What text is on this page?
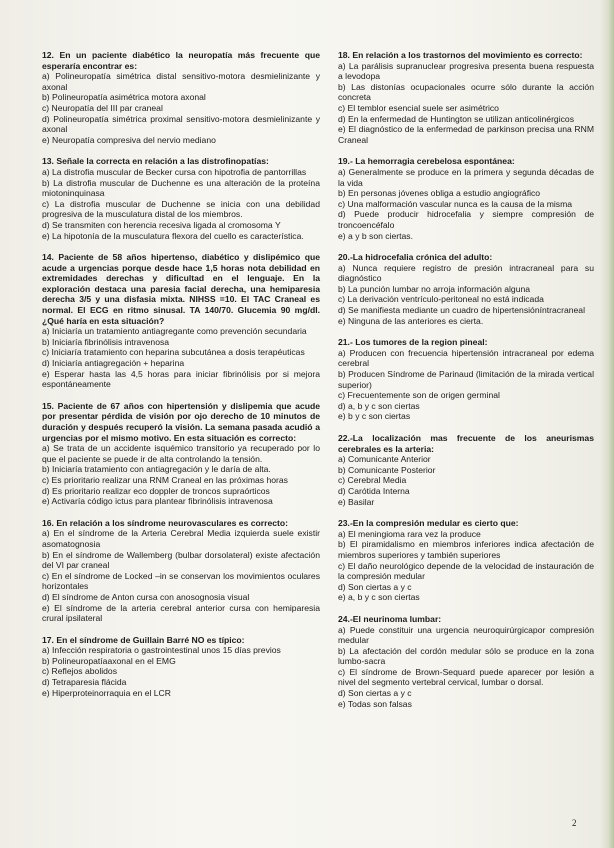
12. En un paciente diabético la neuropatía más frecuente que esperaría encontrar es:
a) Polineuropatía simétrica distal sensitivo-motora desmielinizante y axonal
b) Polineuropatía asimétrica motora axonal
c) Neuropatía del III par craneal
d) Polineuropatía simétrica proximal sensitivo-motora desmielinizante y axonal
e) Neuropatía compresiva del nervio mediano
13. Señale la correcta en relación a las distrofinopatías:
a) La distrofia muscular de Becker cursa con hipotrofia de pantorrillas
b) La distrofia muscular de Duchenne es una alteración de la proteína miotoninquinasa
c) La distrofia muscular de Duchenne se inicia con una debilidad progresiva de la musculatura distal de los miembros.
d) Se transmiten con herencia recesiva ligada al cromosoma Y
e) La hipotonía de la musculatura flexora del cuello es característica.
14. Paciente de 58 años hipertenso, diabético y dislipémico que acude a urgencias porque desde hace 1,5 horas nota debilidad en extremidades derechas y dificultad en el lenguaje. En la exploración destaca una paresia facial derecha, una hemiparesia derecha 3/5 y una disfasia mixta. NIHSS =10. El TAC Craneal es normal. El ECG en ritmo sinusal. TA 140/70. Glucemia 90 mg/dl. ¿Qué haría en esta situación?
a) Iniciaría un tratamiento antiagregante como prevención secundaria
b) Iniciaría fibrinólisis intravenosa
c) Iniciaría tratamiento con heparina subcutánea a dosis terapéuticas
d) Iniciaría antiagregación + heparina
e) Esperar hasta las 4,5 horas para iniciar fibrinólisis por si mejora espontáneamente
15. Paciente de 67 años con hipertensión y dislipemia que acude por presentar pérdida de visión por ojo derecho de 10 minutos de duración y después recuperó la visión. La semana pasada acudió a urgencias por el mismo motivo. En esta situación es correcto:
a) Se trata de un accidente isquémico transitorio ya recuperado por lo que el paciente se puede ir de alta controlando la tensión.
b) Iniciaría tratamiento con antiagregación y le daría de alta.
c) Es prioritario realizar una RNM Craneal en las próximas horas
d) Es prioritario realizar eco doppler de troncos supraórticos
e) Activaría código ictus para plantear fibrinólisis intravenosa
16. En relación a los síndrome neurovasculares es correcto:
a) En el síndrome de la Arteria Cerebral Media izquierda suele existir asomatognosia
b) En el síndrome de Wallemberg (bulbar dorsolateral) existe afectación del VI par craneal
c) En el síndrome de Locked –in se conservan los movimientos oculares horizontales
d) El síndrome de Anton cursa con anosognosia visual
e) El síndrome de la arteria cerebral anterior cursa con hemiparesia crural ipsilateral
17. En el síndrome de Guillain Barré NO es típico:
a) Infección respiratoria o gastrointestinal unos 15 días previos
b) Polineuropatíaaxonal en el EMG
c) Reflejos abolidos
d) Tetraparesia flácida
e) Hiperproteinorraquia en el LCR
18. En relación a los trastornos del movimiento es correcto:
a) La parálisis supranuclear progresiva presenta buena respuesta a levodopa
b) Las distonías ocupacionales ocurre sólo durante la acción concreta
c) El temblor esencial suele ser asimétrico
d) En la enfermedad de Huntington se utilizan anticolinérgicos
e) El diagnóstico de la enfermedad de parkinson precisa una RNM Craneal
19.- La hemorragia cerebelosa espontánea:
a) Generalmente se produce en la primera y segunda décadas de la vida
b) En personas jóvenes obliga a estudio angiográfico
c) Una malformación vascular nunca es la causa de la misma
d) Puede producir hidrocefalia y siempre compresión de troncoencéfalo
e) a y b son ciertas.
20.-La hidrocefalia crónica del adulto:
a) Nunca requiere registro de presión intracraneal para su diagnóstico
b) La punción lumbar no arroja información alguna
c) La derivación ventrículo-peritoneal no está indicada
d) Se manifiesta mediante un cuadro de hipertensióníntracraneal
e) Ninguna de las anteriores es cierta.
21.- Los tumores de la region pineal:
a) Producen con frecuencia hipertensión intracraneal por edema cerebral
b) Producen Síndrome de Parinaud (limitación de la mirada vertical superior)
c) Frecuentemente son de origen germinal
d) a, b y c son ciertas
e) b y c son ciertas
22.-La localización mas frecuente de los aneurismas cerebrales es la arteria:
a) Comunicante Anterior
b) Comunicante Posterior
c) Cerebral Media
d) Carótida Interna
e) Basilar
23.-En la compresión medular es cierto que:
a) El meningioma rara vez la produce
b) El piramidalismo en miembros inferiores indica afectación de miembros superiores y también superiores
c) El daño neurológico depende de la velocidad de instauración de la compresión medular
d) Son ciertas a y c
e) a, b y c son ciertas
24.-El neurinoma lumbar:
a) Puede constituir una urgencia neuroquirúrgicapor compresión medular
b) La afectación del cordón medular sólo se produce en la zona lumbo-sacra
c) El síndrome de Brown-Sequard puede aparecer por lesión a nivel del segmento vertebral cervical, lumbar o dorsal.
d) Son ciertas a y c
e) Todas son falsas
2
